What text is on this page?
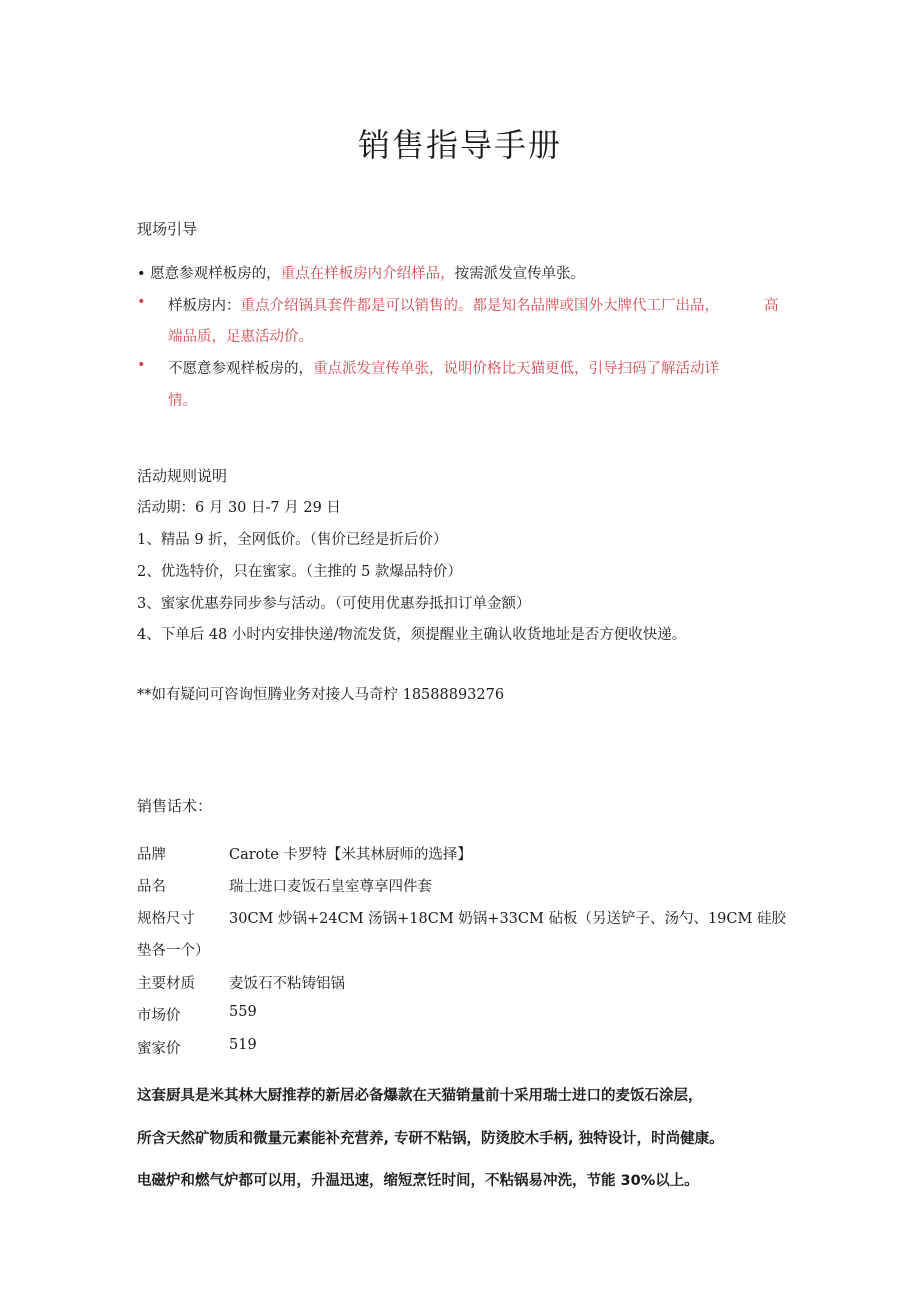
销售指导手册
现场引导
• 愿意参观样板房的，重点在样板房内介绍样品，按需派发宣传单张。
• 样板房内：重点介绍锅具套件都是可以销售的。都是知名品牌或国外大牌代工厂出品，	高
端品质，足惠活动价。
• 不愿意参观样板房的，重点派发宣传单张，说明价格比天猫更低，引导扫码了解活动详
情。
活动规则说明
活动期：6 月 30 日-7 月 29 日
1、精品 9 折，全网低价。（售价已经是折后价）
2、优选特价，只在蜜家。（主推的 5 款爆品特价）
3、蜜家优惠券同步参与活动。（可使用优惠券抵扣订单金额）
4、下单后 48 小时内安排快递/物流发货，须提醒业主确认收货地址是否方便收快递。
**如有疑问可咨询恒腾业务对接人马奇柠 18588893276
销售话术：
品牌	Carote 卡罗特【米其林厨师的选择】
品名	瑞士进口麦饭石皇室尊享四件套
规格尺寸 30CM 炒锅+24CM 汤锅+18CM 奶锅+33CM 砧板（另送铲子、汤勺、19CM 硅胶
垫各一个）
主要材质 麦饭石不粘铸铝锅
市场价	559
蜜家价	519
这套厨具是米其林大厨推荐的新居必备爆款在天猫销量前十采用瑞士进口的麦饭石涂层，
所含天然矿物质和微量元素能补充营养, 专研不粘锅，防烫胶木手柄, 独特设计，时尚健康。
电磁炉和燃气炉都可以用，升温迅速，缩短烹饪时间，不粘锅易冲洗，节能 30%以上。
